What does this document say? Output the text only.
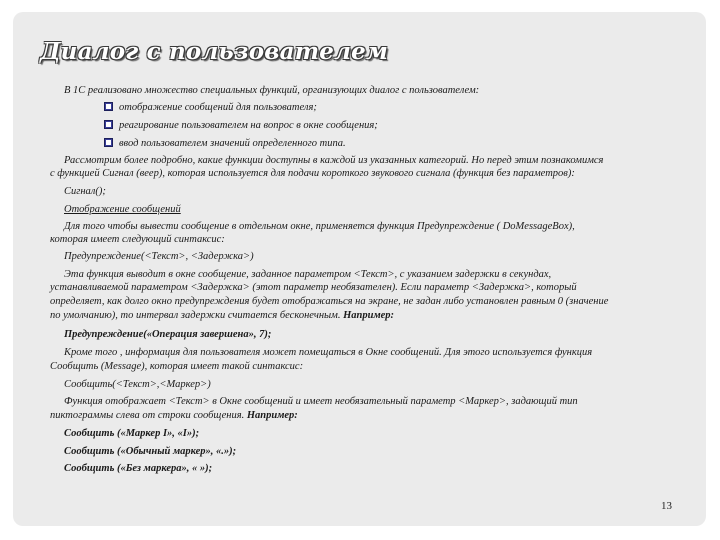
Диалог с пользователем
В 1С реализовано множество специальных функций, организующих диалог с пользователем:
отображение сообщений для пользователя;
реагирование пользователем на вопрос в окне сообщения;
ввод пользователем значений определенного типа.
Рассмотрим более подробно, какие функции доступны в каждой из указанных категорий. Но перед этим познакомимся
с функцией Сигнал (веер), которая используется для подачи короткого звукового сигнала (функция без параметров):
Сигнал();
Отображение сообщений
Для того чтобы вывести сообщение в отдельном окне, применяется функция Предупреждение ( DoMessageBox),
которая имеет следующий синтаксис:
Предупреждение(<Текст>, <Задержка>)
Эта функция выводит в окне сообщение, заданное параметром <Текст>, с указанием задержки в секундах,
устанавливаемой параметром <Задержка> (этот параметр необязателен). Если параметр <Задержка>, который
определяет, как долго окно предупреждения будет отображаться на экране, не задан либо установлен равным 0 (значение
по умолчанию), то интервал задержки считается бесконечным. Например:
Предупреждение(«Операция завершена», 7);
Кроме того , информация для пользователя может помещаться в Окне сообщений. Для этого используется функция
Сообщить (Message), которая имеет такой синтаксис:
Сообщить(<Текст>,<Маркер>)
Функция отображает <Текст> в Окне сообщений и имеет необязательный параметр <Маркер>, задающий тип
пиктограммы слева от строки сообщения. Например:
Сообщить («Маркер I», «I»);
Сообщить («Обычный маркер», «.»);
Сообщить («Без маркера», « »);
13
